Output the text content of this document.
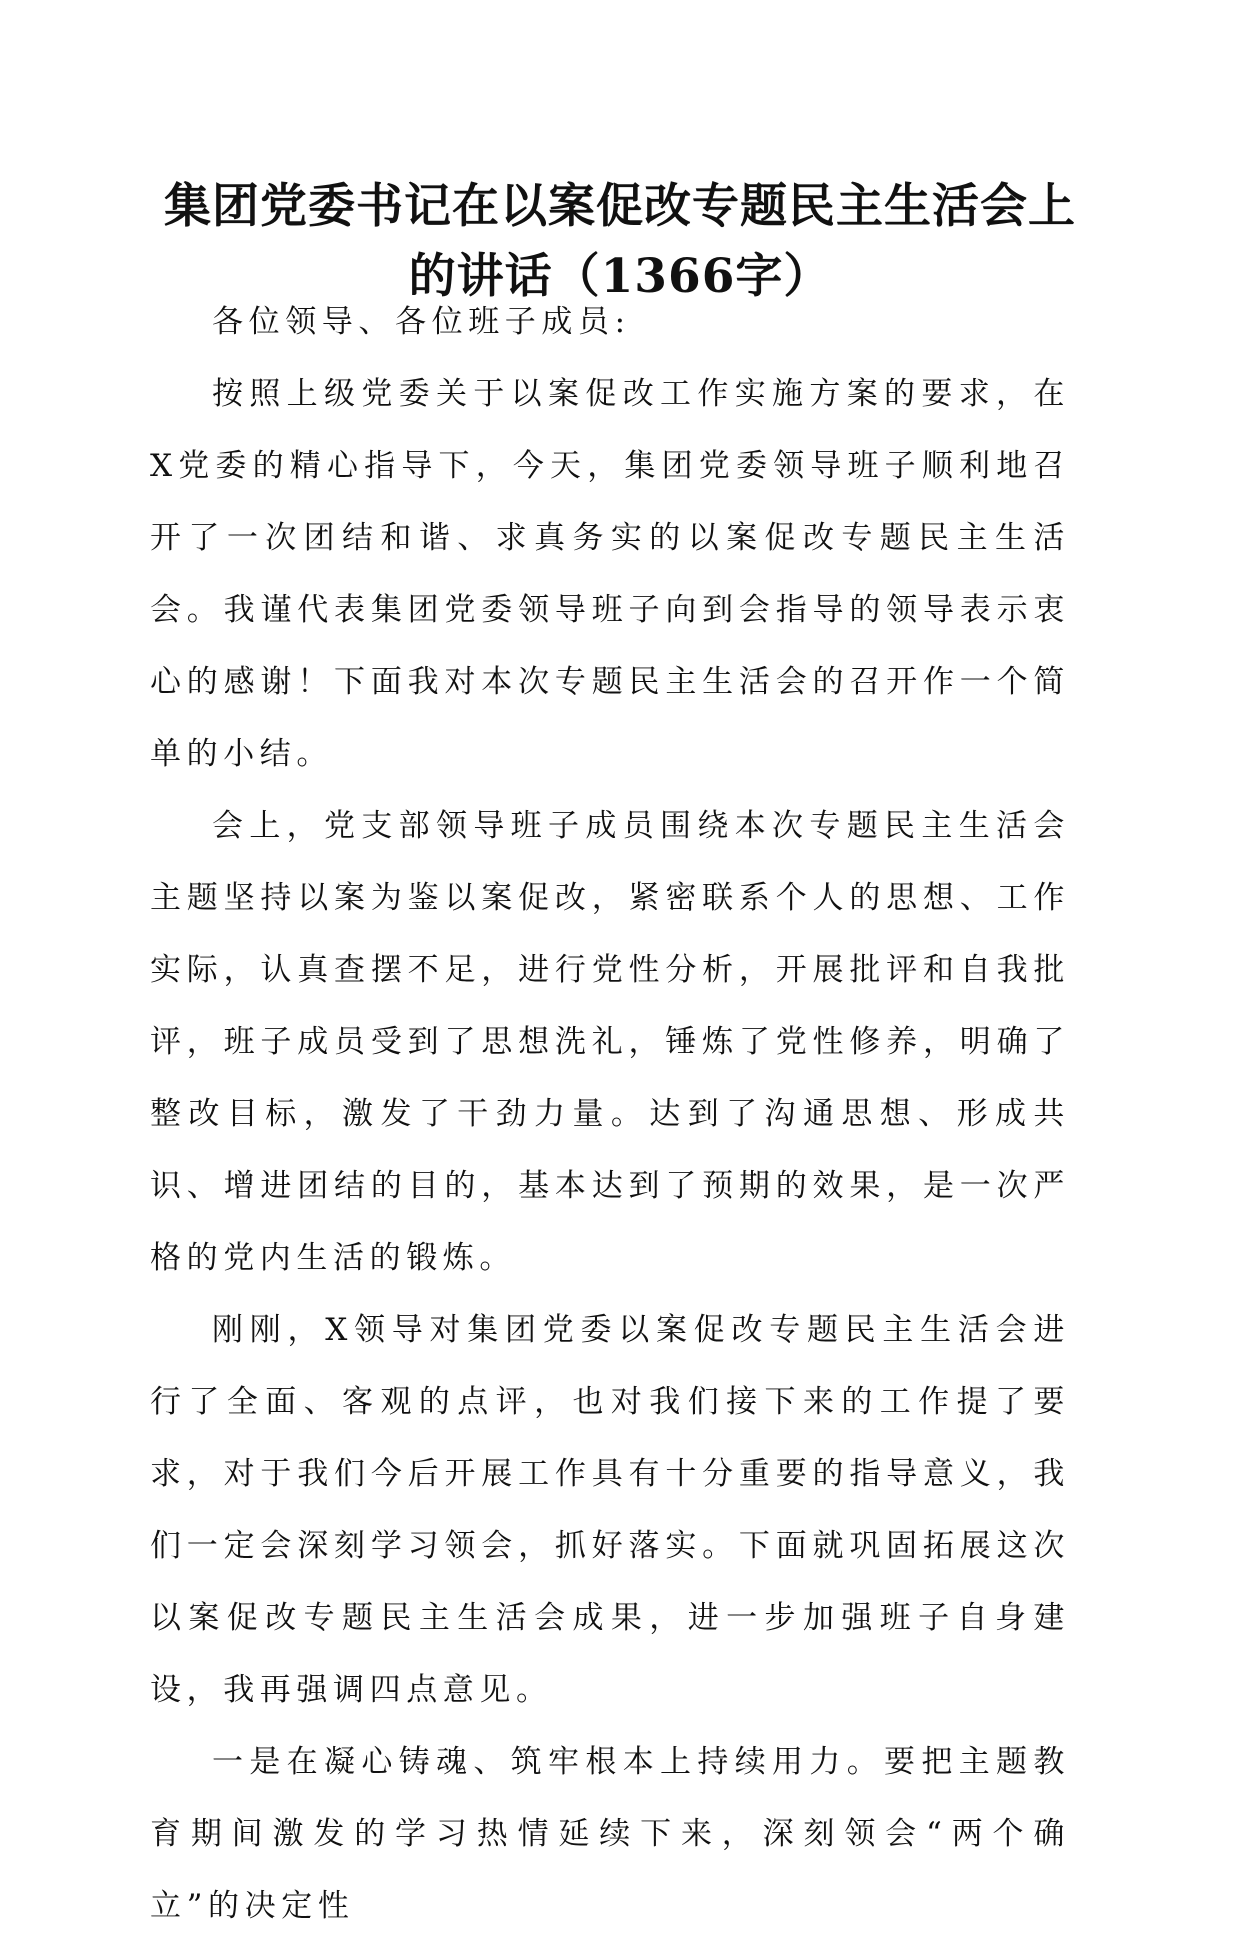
集团党委书记在以案促改专题民主生活会上的讲话（1366字）

各位领导、各位班子成员:

按照上级党委关于以案促改工作实施方案的要求，在X党委的精心指导下，今天，集团党委领导班子顺利地召开了一次团结和谐、求真务实的以案促改专题民主生活会。我谨代表集团党委领导班子向到会指导的领导表示衷心的感谢！下面我对本次专题民主生活会的召开作一个简单的小结。

会上，党支部领导班子成员围绕本次专题民主生活会主题坚持以案为鉴以案促改，紧密联系个人的思想、工作实际，认真查摆不足，进行党性分析，开展批评和自我批评，班子成员受到了思想洗礼，锤炼了党性修养，明确了整改目标，激发了干劲力量。达到了沟通思想、形成共识、增进团结的目的，基本达到了预期的效果，是一次严格的党内生活的锻炼。

刚刚，X领导对集团党委以案促改专题民主生活会进行了全面、客观的点评，也对我们接下来的工作提了要求，对于我们今后开展工作具有十分重要的指导意义，我们一定会深刻学习领会，抓好落实。下面就巩固拓展这次以案促改专题民主生活会成果，进一步加强班子自身建设，我再强调四点意见。

一是在凝心铸魂、筑牢根本上持续用力。要把主题教育期间激发的学习热情延续下来，深刻领会“两个确立”的决定性
